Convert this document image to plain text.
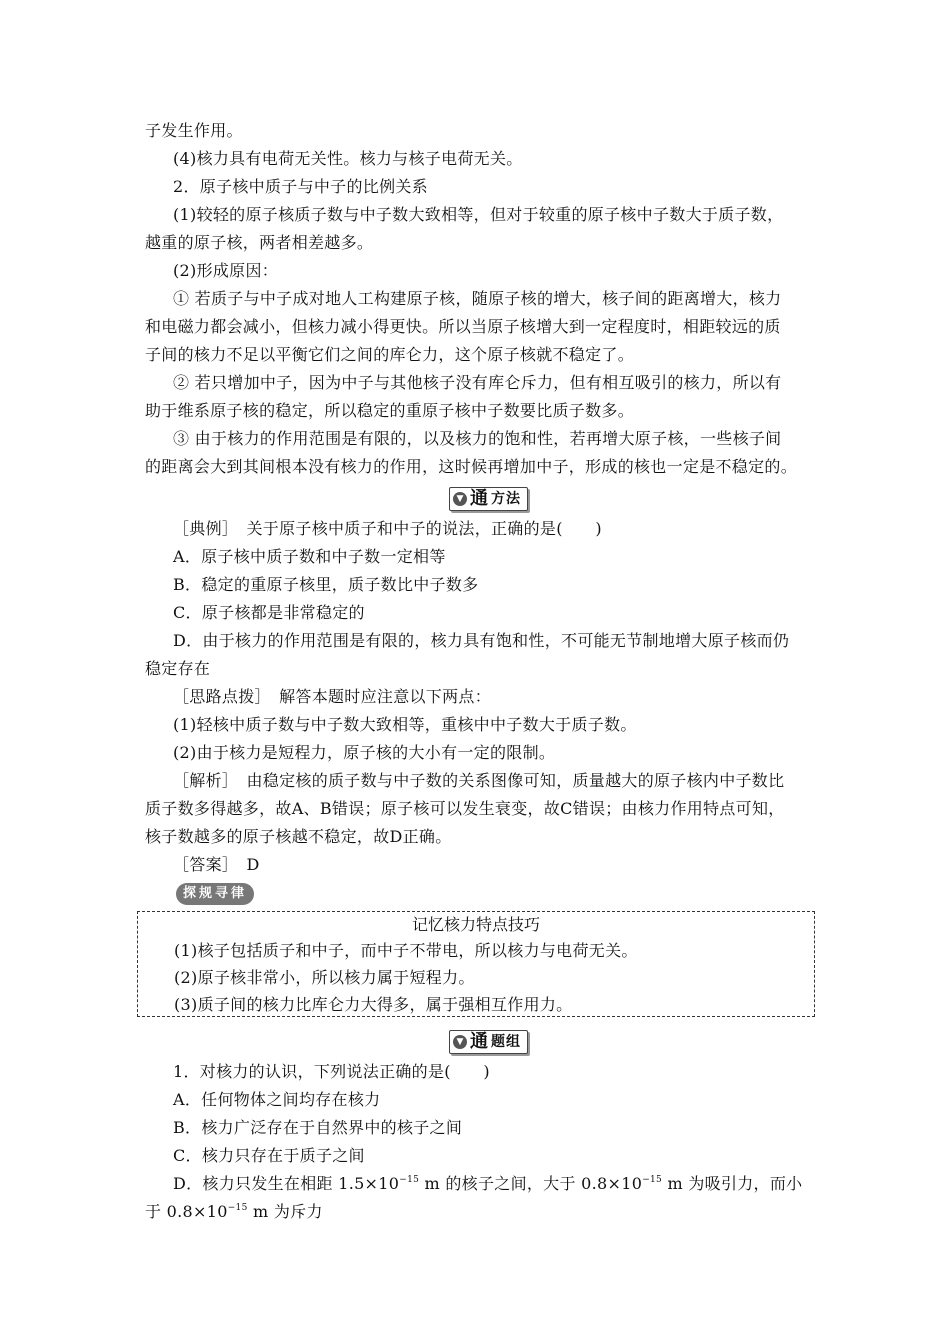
子发生作用。
(4)核力具有电荷无关性。核力与核子电荷无关。
2．原子核中质子与中子的比例关系
(1)较轻的原子核质子数与中子数大致相等，但对于较重的原子核中子数大于质子数，
越重的原子核，两者相差越多。
(2)形成原因：
① 若质子与中子成对地人工构建原子核，随原子核的增大，核子间的距离增大，核力
和电磁力都会减小，但核力减小得更快。所以当原子核增大到一定程度时，相距较远的质
子间的核力不足以平衡它们之间的库仑力，这个原子核就不稳定了。
② 若只增加中子，因为中子与其他核子没有库仑斥力，但有相互吸引的核力，所以有
助于维系原子核的稳定，所以稳定的重原子核中子数要比质子数多。
③ 由于核力的作用范围是有限的，以及核力的饱和性，若再增大原子核，一些核子间
的距离会大到其间根本没有核力的作用，这时候再增加中子，形成的核也一定是不稳定的。
▼ 通 方法
［典例］　关于原子核中质子和中子的说法，正确的是(　　)
A．原子核中质子数和中子数一定相等
B．稳定的重原子核里，质子数比中子数多
C．原子核都是非常稳定的
D．由于核力的作用范围是有限的，核力具有饱和性，不可能无节制地增大原子核而仍
稳定存在
［思路点拨］　解答本题时应注意以下两点：
(1)轻核中质子数与中子数大致相等，重核中中子数大于质子数。
(2)由于核力是短程力，原子核的大小有一定的限制。
［解析］　由稳定核的质子数与中子数的关系图像可知，质量越大的原子核内中子数比
质子数多得越多，故A、B错误；原子核可以发生衰变，故C错误；由核力作用特点可知，
核子数越多的原子核越不稳定，故D正确。
［答案］　D
探规寻律
记忆核力特点技巧
(1)核子包括质子和中子，而中子不带电，所以核力与电荷无关。
(2)原子核非常小，所以核力属于短程力。
(3)质子间的核力比库仑力大得多，属于强相互作用力。
▼ 通 题组
1．对核力的认识，下列说法正确的是(　　)
A．任何物体之间均存在核力
B．核力广泛存在于自然界中的核子之间
C．核力只存在于质子之间
D．核力只发生在相距 $1.5\times 10^{-15}$ m 的核子之间，大于 $0.8\times 10^{-15}$ m 为吸引力，而小
于 $0.8\times 10^{-15}$ m 为斥力
